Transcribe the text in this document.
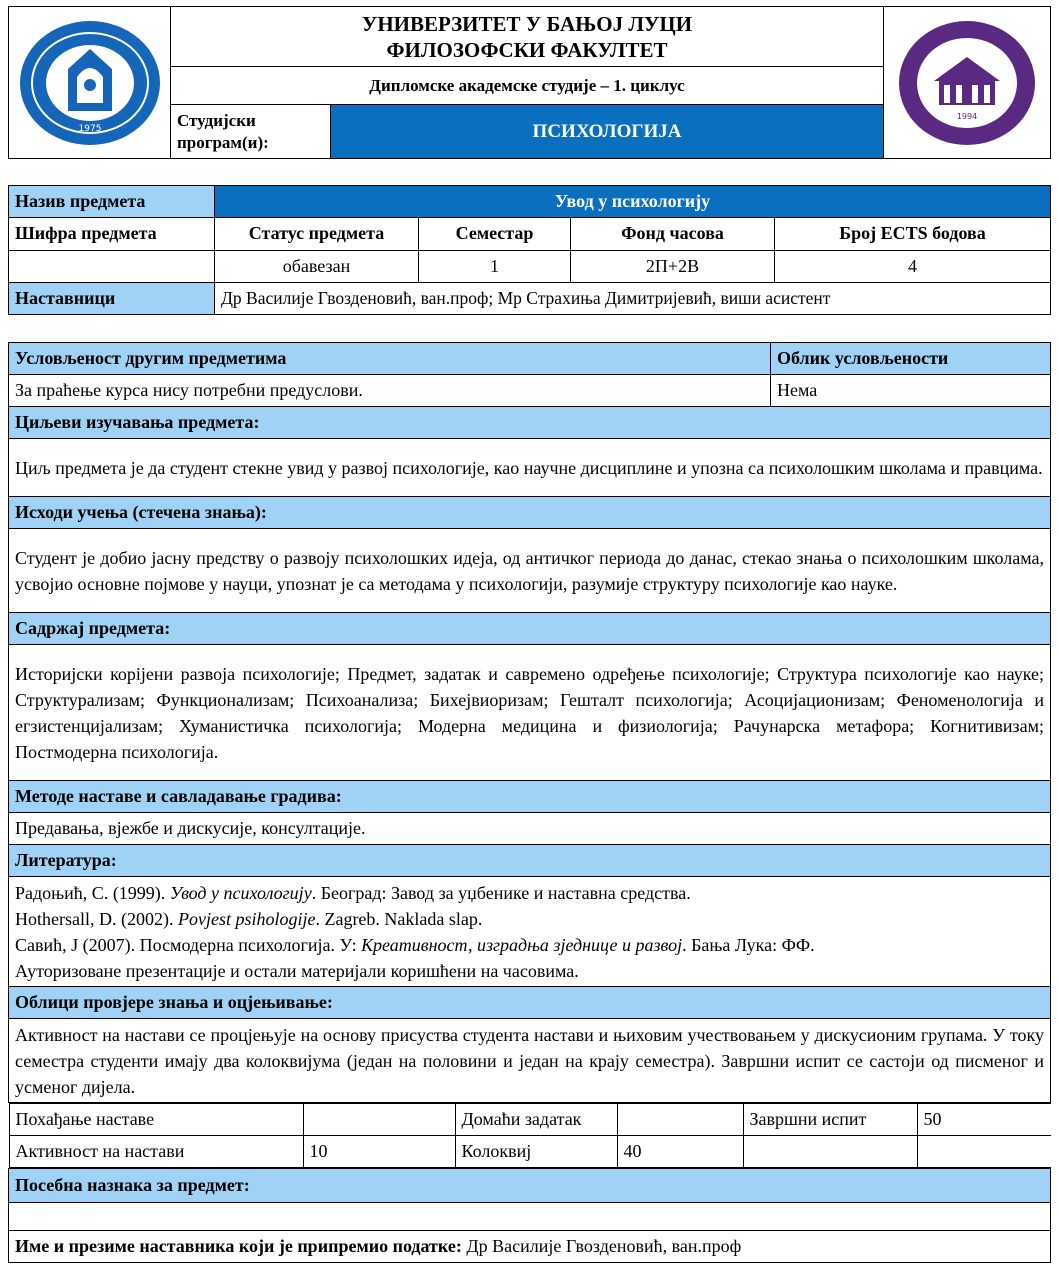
1975	УНИВЕРЗИТЕТ У БАЊОЈ ЛУЦИ
ФИЛОЗОФСКИ ФАКУЛТЕТ		1994

	Дипломске академске студије – 1. циклус		
	Студијски програм(и):	ПСИХОЛОГИЈА	
Назив предмета	Увод у психологију			
Шифра предмета	Статус предмета	Семестар	Фонд часова	Број ECTS бодова
	обавезан	1	2П+2В	4
Наставници	Др Василије Гвозденовић, ван.проф; Мр Страхиња Димитријевић, виши асистент			
Условљеност другим предметима	Облик условљености
За праћење курса нису потребни предуслови.	Нема
Циљеви изучавања предмета:
Циљ предмета је да студент стекне увид у развој психологије, као научне дисциплине и упозна са психолошким школама и правцима.
Исходи учења (стечена знања):
Студент је добио јасну предству о развоју психолошких идеја, од античког периода до данас, стекао знања о психолошким школама, усвојио основне појмове у науци, упознат је са методама у психологији, разумије структуру психологије као науке.
Садржај предмета:
Историјски корijени развоја психологије; Предмет, задатак и савремено одређење психологије; Структура психологије као науке; Структурализам; Функционализам; Психоанализа; Бихејвиоризам; Гешталт психологија; Асоцијационизам; Феноменологија и егзистенцијализам; Хуманистичка психологија; Модерна медицина и физиологија; Рачунарска метафора; Когнитивизам; Постмодерна психологија.
Методе наставе и савладавање градива:
Предавања, вјежбе и дискусије, консултације.
Литература:

Радоњић, С. (1999). Увод у психологију. Београд: Завод за уџбенике и наставна средства.
Hothersall, D. (2002). Povjest psihologije. Zagreb. Naklada slap.
Савић, Ј (2007). Посмодерна психологија. У: Креативност, изградња зједнице и развој. Бања Лука: ФФ.
Ауторизоване презентације и остали материјали коришћени на часовима.

Облици провјере знања и оцјењивање:
Активност на настави се процјењује на основу присуства студента настави и њиховим учествовањем у дискусионим групама. У току семестра студенти имају два колоквијума (један на половини и један на крају семестра). Завршни испит се састоји од писменог и усменог дијела.

Похађање наставе		Домаћи задатак		Завршни испит	50
Активност на настави	10	Колоквиј	40		

Посебна назнака за предмет:

Име и презиме наставника који је припремио податке: Др Василије Гвозденовић, ван.проф
